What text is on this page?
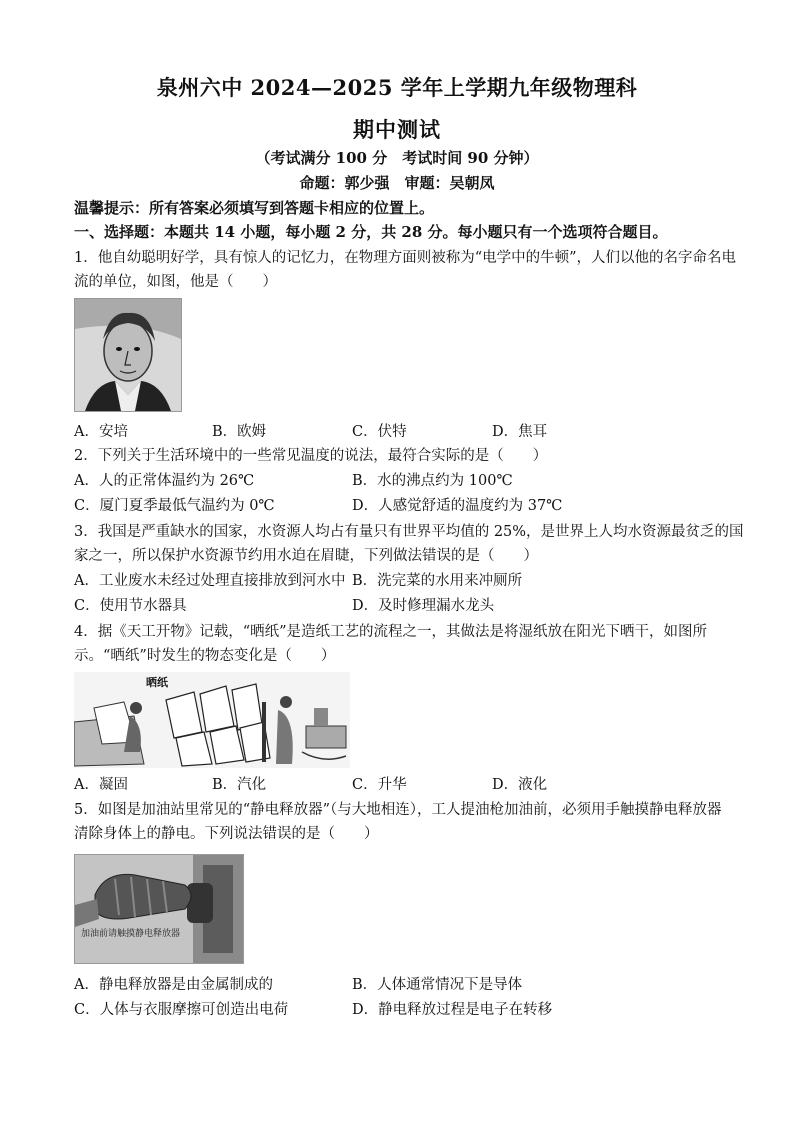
泉州六中 2024—2025 学年上学期九年级物理科
期中测试
（考试满分 100 分　考试时间 90 分钟）
命题：郭少强　审题：吴朝凤
温馨提示：所有答案必须填写到答题卡相应的位置上。
一、选择题：本题共 14 小题，每小题 2 分，共 28 分。每小题只有一个选项符合题目。
1．他自幼聪明好学，具有惊人的记忆力，在物理方面则被称为“电学中的牛顿”，人们以他的名字命名电
流的单位，如图，他是（　　）
A．安培	B．欧姆	C．伏特	D．焦耳
2．下列关于生活环境中的一些常见温度的说法，最符合实际的是（　　）
A．人的正常体温约为 26℃	B．水的沸点约为 100℃
C．厦门夏季最低气温约为 0℃	D．人感觉舒适的温度约为 37℃
3．我国是严重缺水的国家，水资源人均占有量只有世界平均值的 25%，是世界上人均水资源最贫乏的国
家之一，所以保护水资源节约用水迫在眉睫，下列做法错误的是（　　）
A．工业废水未经过处理直接排放到河水中 B．洗完菜的水用来冲厕所
C．使用节水器具	D．及时修理漏水龙头
4．据《天工开物》记载，“晒纸”是造纸工艺的流程之一，其做法是将湿纸放在阳光下晒干，如图所
示。“晒纸”时发生的物态变化是（　　）
晒纸
A．凝固	B．汽化	C．升华	D．液化
5．如图是加油站里常见的“静电释放器”（与大地相连），工人提油枪加油前，必须用手触摸静电释放器
清除身体上的静电。下列说法错误的是（　　）
加油前请触摸静电释放器
A．静电释放器是由金属制成的	B．人体通常情况下是导体
C．人体与衣服摩擦可创造出电荷	D．静电释放过程是电子在转移
